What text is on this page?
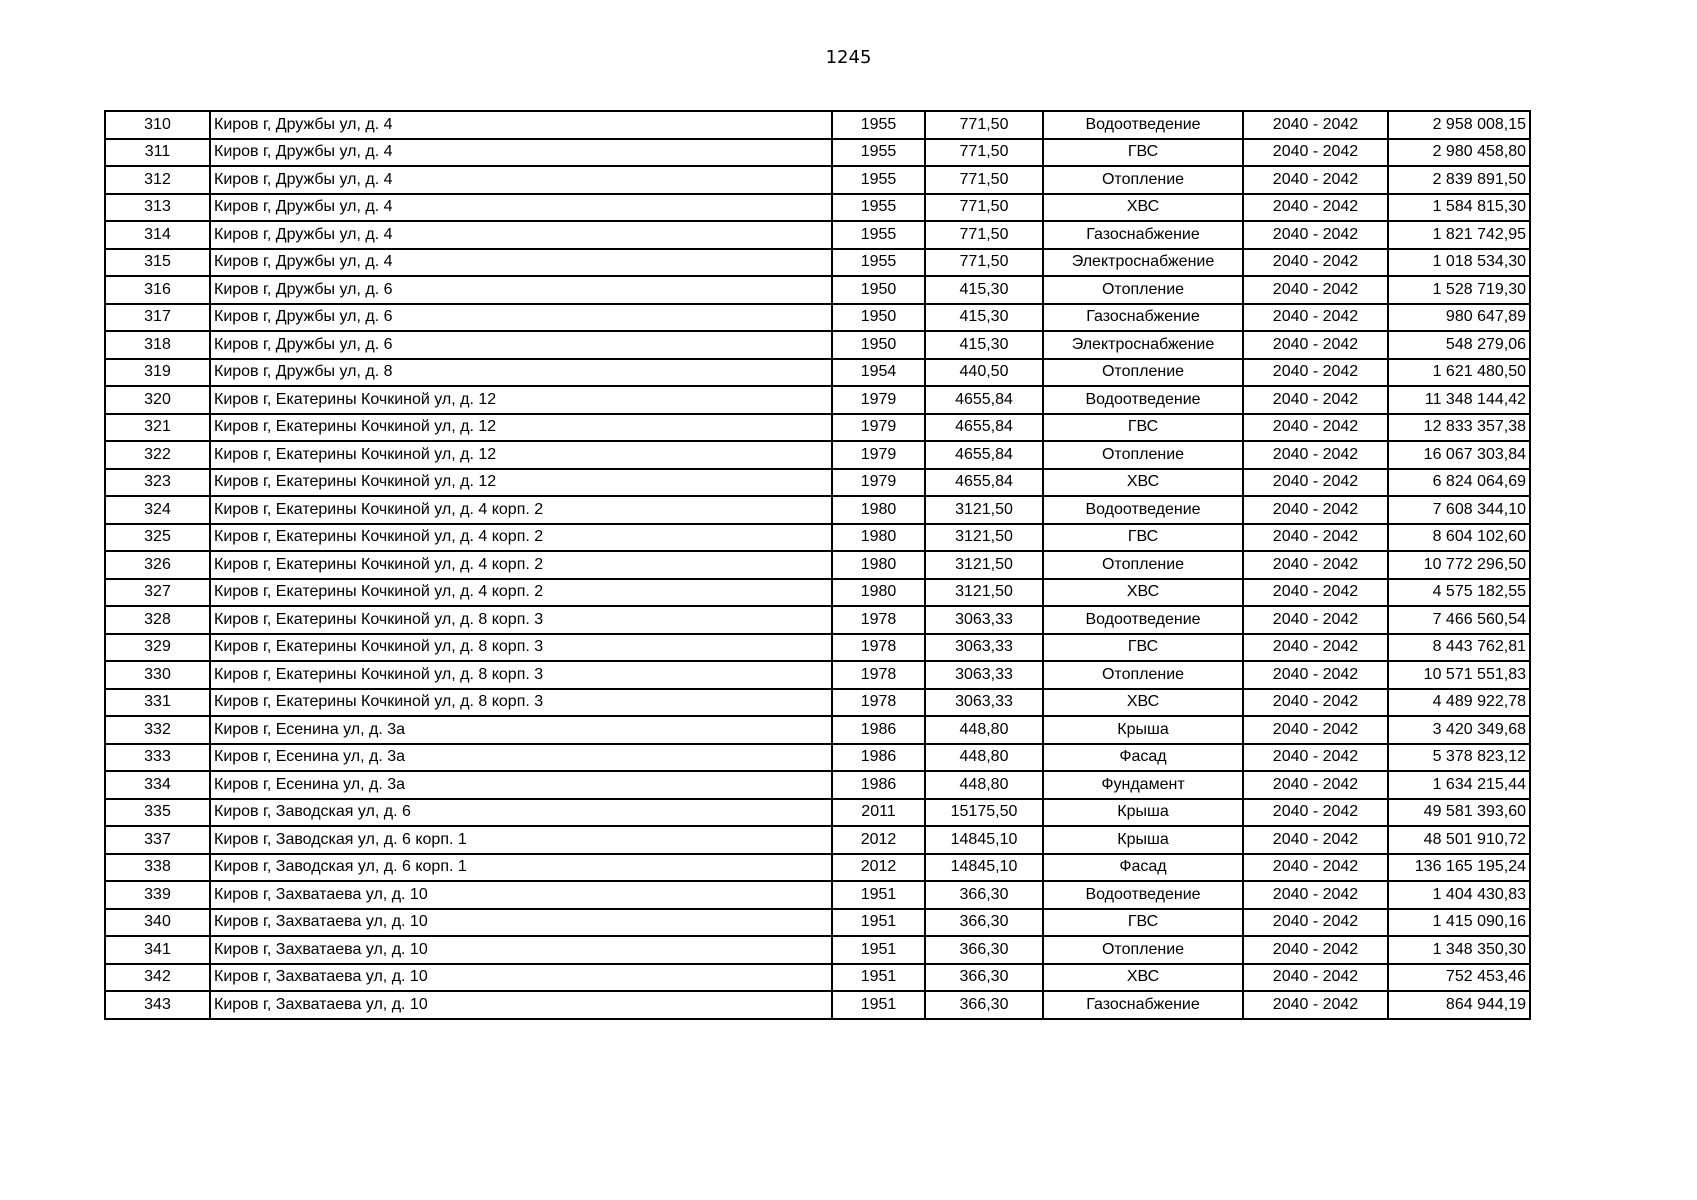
1245
310	Киров г, Дружбы ул, д. 4	1955	771,50	Водоотведение	2040 - 2042	2 958 008,15
311	Киров г, Дружбы ул, д. 4	1955	771,50	ГВС	2040 - 2042	2 980 458,80
312	Киров г, Дружбы ул, д. 4	1955	771,50	Отопление	2040 - 2042	2 839 891,50
313	Киров г, Дружбы ул, д. 4	1955	771,50	ХВС	2040 - 2042	1 584 815,30
314	Киров г, Дружбы ул, д. 4	1955	771,50	Газоснабжение	2040 - 2042	1 821 742,95
315	Киров г, Дружбы ул, д. 4	1955	771,50	Электроснабжение	2040 - 2042	1 018 534,30
316	Киров г, Дружбы ул, д. 6	1950	415,30	Отопление	2040 - 2042	1 528 719,30
317	Киров г, Дружбы ул, д. 6	1950	415,30	Газоснабжение	2040 - 2042	980 647,89
318	Киров г, Дружбы ул, д. 6	1950	415,30	Электроснабжение	2040 - 2042	548 279,06
319	Киров г, Дружбы ул, д. 8	1954	440,50	Отопление	2040 - 2042	1 621 480,50
320	Киров г, Екатерины Кочкиной ул, д. 12	1979	4655,84	Водоотведение	2040 - 2042	11 348 144,42
321	Киров г, Екатерины Кочкиной ул, д. 12	1979	4655,84	ГВС	2040 - 2042	12 833 357,38
322	Киров г, Екатерины Кочкиной ул, д. 12	1979	4655,84	Отопление	2040 - 2042	16 067 303,84
323	Киров г, Екатерины Кочкиной ул, д. 12	1979	4655,84	ХВС	2040 - 2042	6 824 064,69
324	Киров г, Екатерины Кочкиной ул, д. 4 корп. 2	1980	3121,50	Водоотведение	2040 - 2042	7 608 344,10
325	Киров г, Екатерины Кочкиной ул, д. 4 корп. 2	1980	3121,50	ГВС	2040 - 2042	8 604 102,60
326	Киров г, Екатерины Кочкиной ул, д. 4 корп. 2	1980	3121,50	Отопление	2040 - 2042	10 772 296,50
327	Киров г, Екатерины Кочкиной ул, д. 4 корп. 2	1980	3121,50	ХВС	2040 - 2042	4 575 182,55
328	Киров г, Екатерины Кочкиной ул, д. 8 корп. 3	1978	3063,33	Водоотведение	2040 - 2042	7 466 560,54
329	Киров г, Екатерины Кочкиной ул, д. 8 корп. 3	1978	3063,33	ГВС	2040 - 2042	8 443 762,81
330	Киров г, Екатерины Кочкиной ул, д. 8 корп. 3	1978	3063,33	Отопление	2040 - 2042	10 571 551,83
331	Киров г, Екатерины Кочкиной ул, д. 8 корп. 3	1978	3063,33	ХВС	2040 - 2042	4 489 922,78
332	Киров г, Есенина ул, д. 3а	1986	448,80	Крыша	2040 - 2042	3 420 349,68
333	Киров г, Есенина ул, д. 3а	1986	448,80	Фасад	2040 - 2042	5 378 823,12
334	Киров г, Есенина ул, д. 3а	1986	448,80	Фундамент	2040 - 2042	1 634 215,44
335	Киров г, Заводская ул, д. 6	2011	15175,50	Крыша	2040 - 2042	49 581 393,60
337	Киров г, Заводская ул, д. 6 корп. 1	2012	14845,10	Крыша	2040 - 2042	48 501 910,72
338	Киров г, Заводская ул, д. 6 корп. 1	2012	14845,10	Фасад	2040 - 2042	136 165 195,24
339	Киров г, Захватаева ул, д. 10	1951	366,30	Водоотведение	2040 - 2042	1 404 430,83
340	Киров г, Захватаева ул, д. 10	1951	366,30	ГВС	2040 - 2042	1 415 090,16
341	Киров г, Захватаева ул, д. 10	1951	366,30	Отопление	2040 - 2042	1 348 350,30
342	Киров г, Захватаева ул, д. 10	1951	366,30	ХВС	2040 - 2042	752 453,46
343	Киров г, Захватаева ул, д. 10	1951	366,30	Газоснабжение	2040 - 2042	864 944,19
